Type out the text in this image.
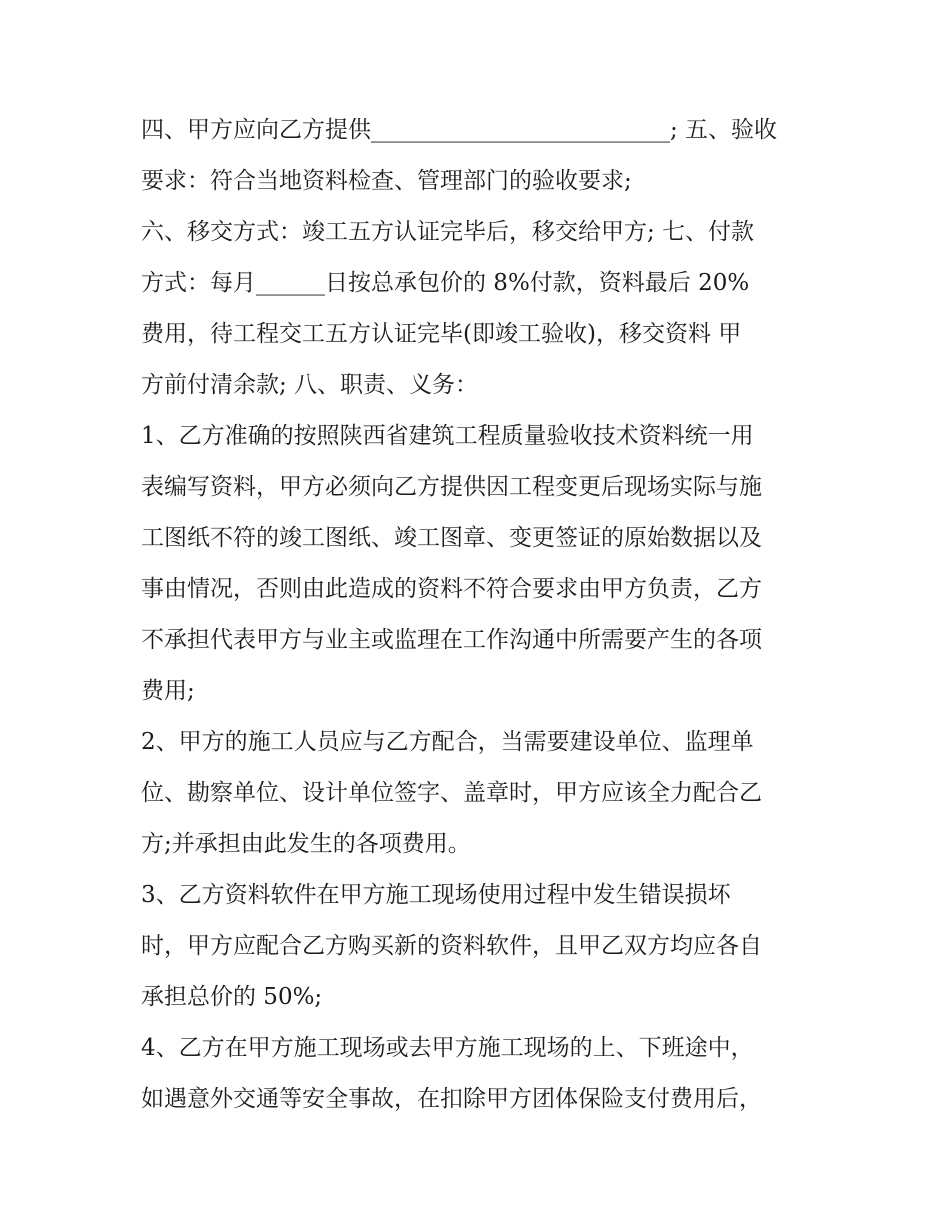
四、甲方应向乙方提供__________________________; 五、验收

要求：符合当地资料检查、管理部门的验收要求;

六、移交方式：竣工五方认证完毕后，移交给甲方; 七、付款

方式：每月______日按总承包价的 8%付款，资料最后 20%

费用，待工程交工五方认证完毕(即竣工验收)，移交资料 甲

方前付清余款; 八、职责、义务：

1、乙方准确的按照陕西省建筑工程质量验收技术资料统一用

表编写资料，甲方必须向乙方提供因工程变更后现场实际与施

工图纸不符的竣工图纸、竣工图章、变更签证的原始数据以及

事由情况，否则由此造成的资料不符合要求由甲方负责，乙方

不承担代表甲方与业主或监理在工作沟通中所需要产生的各项

费用;

2、甲方的施工人员应与乙方配合，当需要建设单位、监理单

位、勘察单位、设计单位签字、盖章时，甲方应该全力配合乙

方;并承担由此发生的各项费用。

3、乙方资料软件在甲方施工现场使用过程中发生错误损坏

时，甲方应配合乙方购买新的资料软件，且甲乙双方均应各自

承担总价的 50%;

4、乙方在甲方施工现场或去甲方施工现场的上、下班途中，

如遇意外交通等安全事故，在扣除甲方团体保险支付费用后，
